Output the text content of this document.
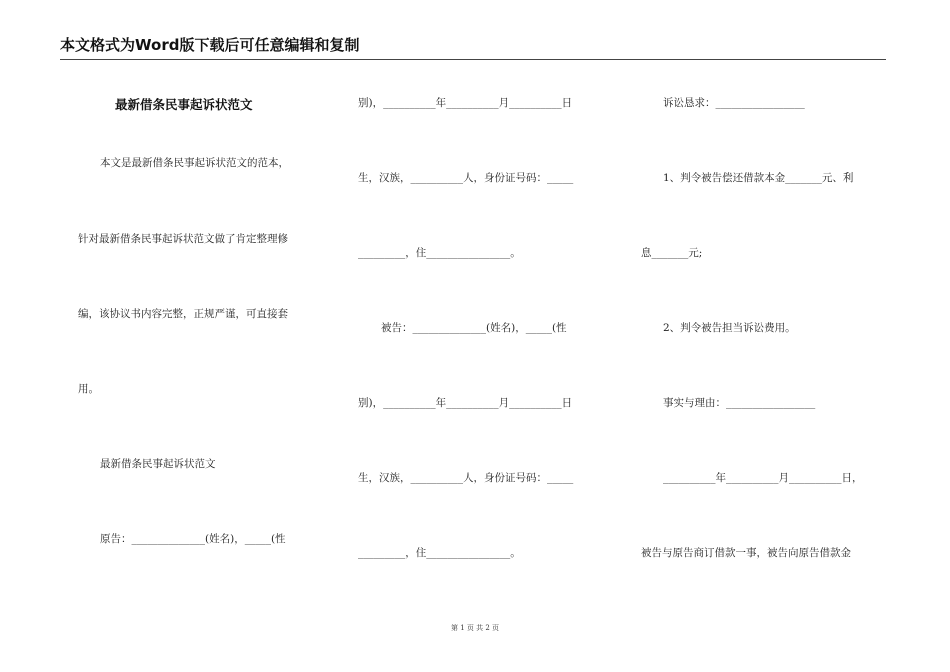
本文格式为Word版下载后可任意编辑和复制
最新借条民事起诉状范文
本文是最新借条民事起诉状范文的范本，
针对最新借条民事起诉状范文做了肯定整理修
编，该协议书内容完整，正规严谨，可直接套
用。
最新借条民事起诉状范文
原告：______________(姓名)，_____(性
别)，__________年__________月__________日
生，汉族，__________人，身份证号码：_____
_________，住________________。
被告：______________(姓名)，_____(性
别)，__________年__________月__________日
生，汉族，__________人，身份证号码：_____
_________，住________________。
诉讼恳求：_________________
1、判令被告偿还借款本金_______元、利
息_______元;
2、判令被告担当诉讼费用。
事实与理由：_________________
__________年__________月__________日，
被告与原告商订借款一事，被告向原告借款金
第 1 页 共 2 页
